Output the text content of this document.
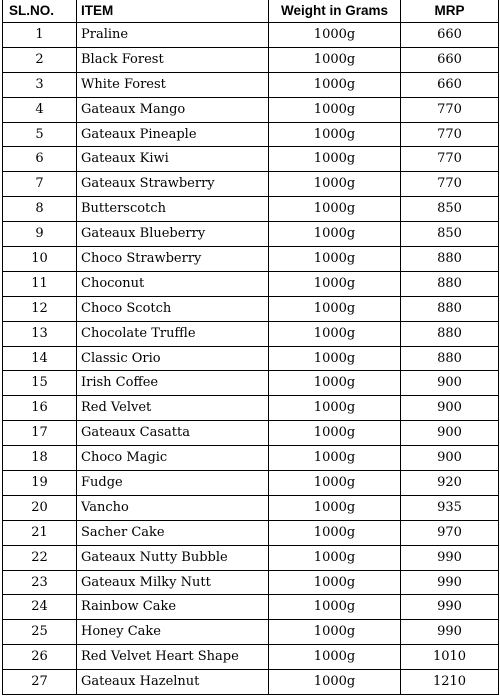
SL.NO.	ITEM	Weight in Grams	MRP
1	Praline	1000g	660
2	Black Forest	1000g	660
3	White Forest	1000g	660
4	Gateaux Mango	1000g	770
5	Gateaux Pineaple	1000g	770
6	Gateaux Kiwi	1000g	770
7	Gateaux Strawberry	1000g	770
8	Butterscotch	1000g	850
9	Gateaux Blueberry	1000g	850
10	Choco Strawberry	1000g	880
11	Choconut	1000g	880
12	Choco Scotch	1000g	880
13	Chocolate Truffle	1000g	880
14	Classic Orio	1000g	880
15	Irish Coffee	1000g	900
16	Red Velvet	1000g	900
17	Gateaux Casatta	1000g	900
18	Choco Magic	1000g	900
19	Fudge	1000g	920
20	Vancho	1000g	935
21	Sacher Cake	1000g	970
22	Gateaux Nutty Bubble	1000g	990
23	Gateaux Milky Nutt	1000g	990
24	Rainbow Cake	1000g	990
25	Honey Cake	1000g	990
26	Red Velvet Heart Shape	1000g	1010
27	Gateaux Hazelnut	1000g	1210
